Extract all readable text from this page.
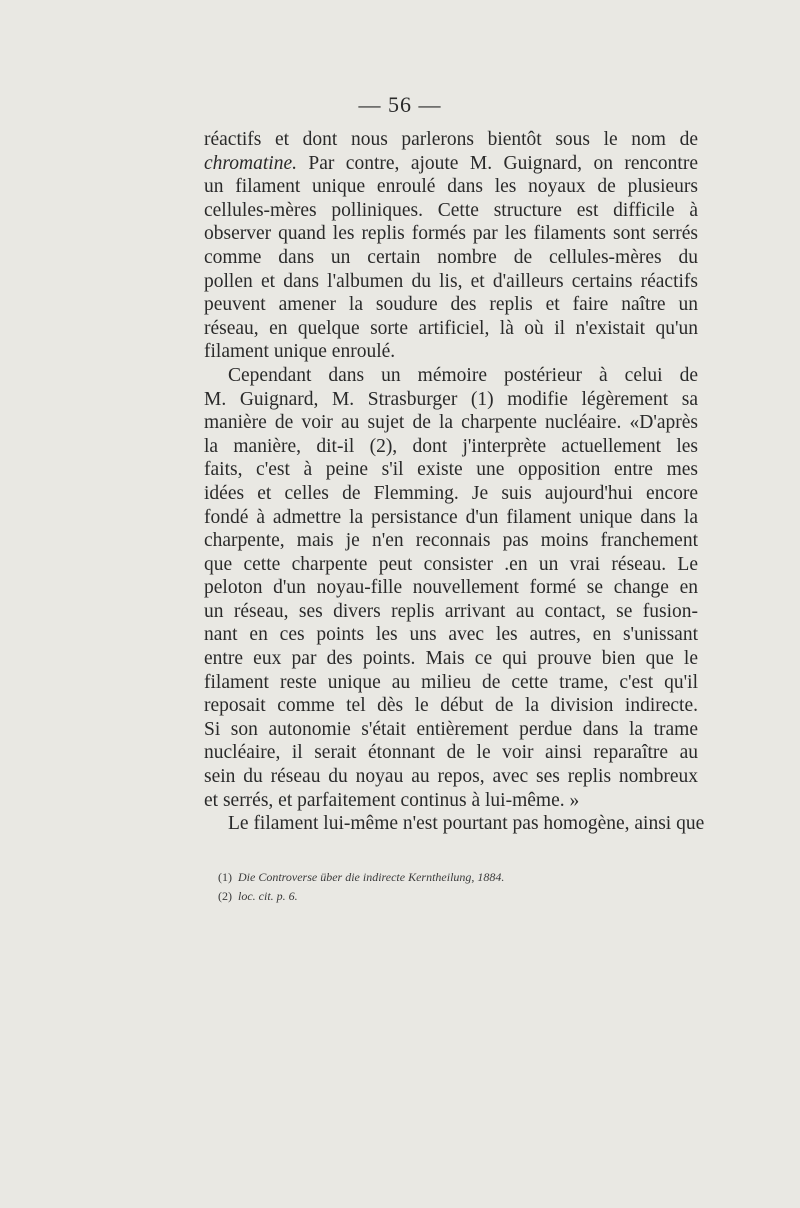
— 56 —
réactifs et dont nous parlerons bientôt sous le nom de
chromatine. Par contre, ajoute M. Guignard, on rencontre
un filament unique enroulé dans les noyaux de plusieurs
cellules-mères polliniques. Cette structure est difficile à
observer quand les replis formés par les filaments sont serrés
comme dans un certain nombre de cellules-mères du
pollen et dans l'albumen du lis, et d'ailleurs certains réactifs
peuvent amener la soudure des replis et faire naître un
réseau, en quelque sorte artificiel, là où il n'existait qu'un
filament unique enroulé.
Cependant dans un mémoire postérieur à celui de
M. Guignard, M. Strasburger (1) modifie légèrement sa
manière de voir au sujet de la charpente nucléaire. «D'après
la manière, dit-il (2), dont j'interprète actuellement les
faits, c'est à peine s'il existe une opposition entre mes
idées et celles de Flemming. Je suis aujourd'hui encore
fondé à admettre la persistance d'un filament unique dans la
charpente, mais je n'en reconnais pas moins franchement
que cette charpente peut consister .en un vrai réseau. Le
peloton d'un noyau-fille nouvellement formé se change en
un réseau, ses divers replis arrivant au contact, se fusion-
nant en ces points les uns avec les autres, en s'unissant
entre eux par des points. Mais ce qui prouve bien que le
filament reste unique au milieu de cette trame, c'est qu'il
reposait comme tel dès le début de la division indirecte.
Si son autonomie s'était entièrement perdue dans la trame
nucléaire, il serait étonnant de le voir ainsi reparaître au
sein du réseau du noyau au repos, avec ses replis nombreux
et serrés, et parfaitement continus à lui-même. »
Le filament lui-même n'est pourtant pas homogène, ainsi que
(1) Die Controverse über die indirecte Kerntheilung, 1884.
(2) loc. cit. p. 6.
